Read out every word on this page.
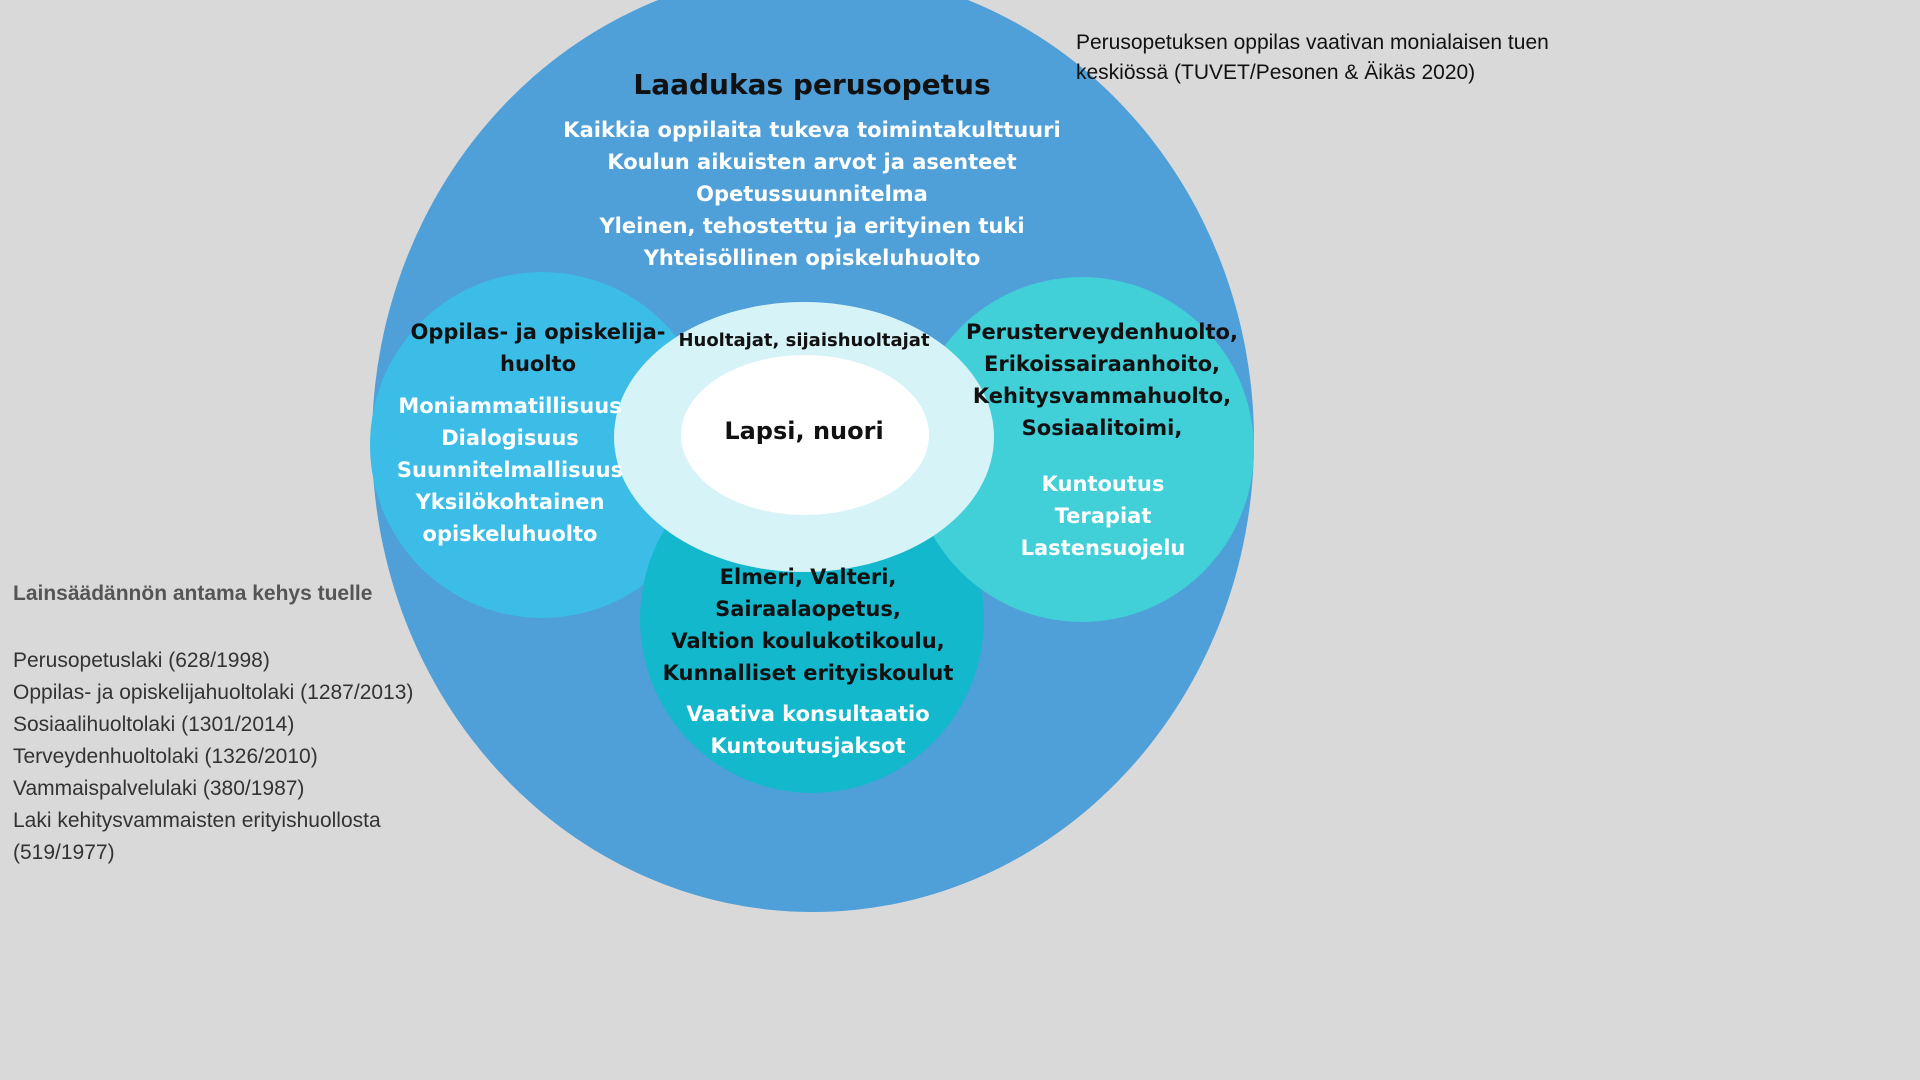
Laadukas perusopetus
Kaikkia oppilaita tukeva toimintakulttuuri
Koulun aikuisten arvot ja asenteet
Opetussuunnitelma
Yleinen, tehostettu ja erityinen tuki
Yhteisöllinen opiskeluhuolto
Oppilas- ja opiskelija-huolto
Moniammatillisuus
Dialogisuus
Suunnitelmallisuus
Yksilökohtainen
opiskeluhuolto
Huoltajat, sijaishuoltajat
Lapsi, nuori
Perusterveydenhuolto,
Erikoissairaanhoito,
Kehitysvammahuolto,
Sosiaalitoimi,
Kuntoutus
Terapiat
Lastensuojelu
Elmeri, Valteri,
Sairaalaopetus,
Valtion koulukotikoulu,
Kunnalliset erityiskoulut
Vaativa konsultaatio
Kuntoutusjaksot
Perusopetuksen oppilas vaativan monialaisen tuen keskiössä (TUVET/Pesonen & Äikäs 2020)
Lainsäädännön antama kehys tuelle
Perusopetuslaki (628/1998)
Oppilas- ja opiskelijahuoltolaki (1287/2013)
Sosiaalihuoltolaki (1301/2014)
Terveydenhuoltolaki (1326/2010)
Vammaispalvelulaki (380/1987)
Laki kehitysvammaisten erityishuollosta (519/1977)
